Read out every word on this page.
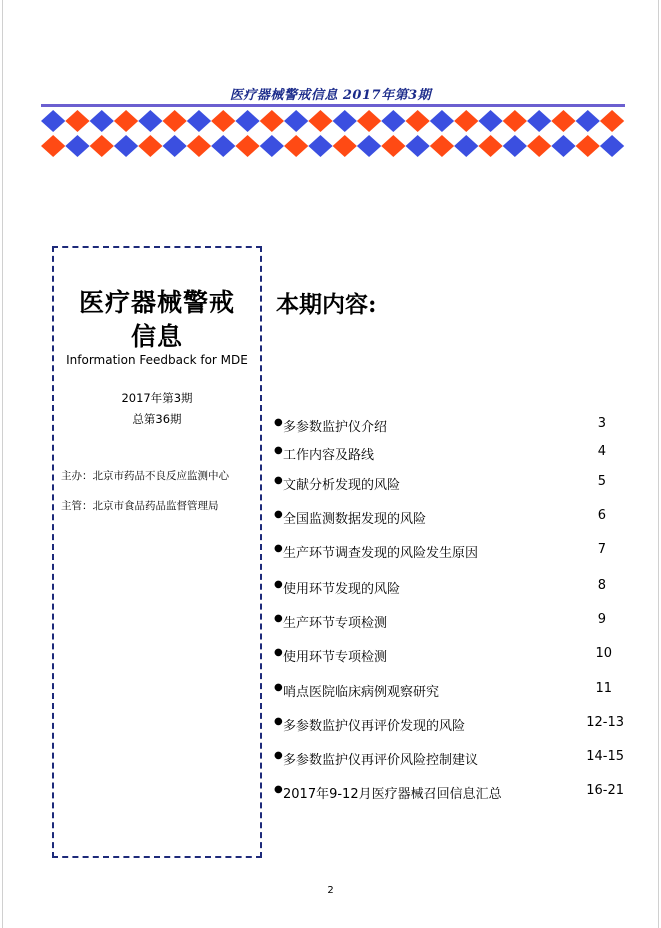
医疗器械警戒信息 2017年第3期
医疗器械警戒
信息
Information Feedback for MDE
2017年第3期
总第36期
主办：北京市药品不良反应监测中心
主管：北京市食品药品监督管理局
本期内容:
● 多参数监护仪介绍	3
● 工作内容及路线	4
● 文献分析发现的风险	5
● 全国监测数据发现的风险	6
● 生产环节调查发现的风险发生原因	7
● 使用环节发现的风险	8
● 生产环节专项检测	9
● 使用环节专项检测	10
● 哨点医院临床病例观察研究	11
● 多参数监护仪再评价发现的风险	12-13
● 多参数监护仪再评价风险控制建议	14-15
● 2017年9-12月医疗器械召回信息汇总	16-21
2
